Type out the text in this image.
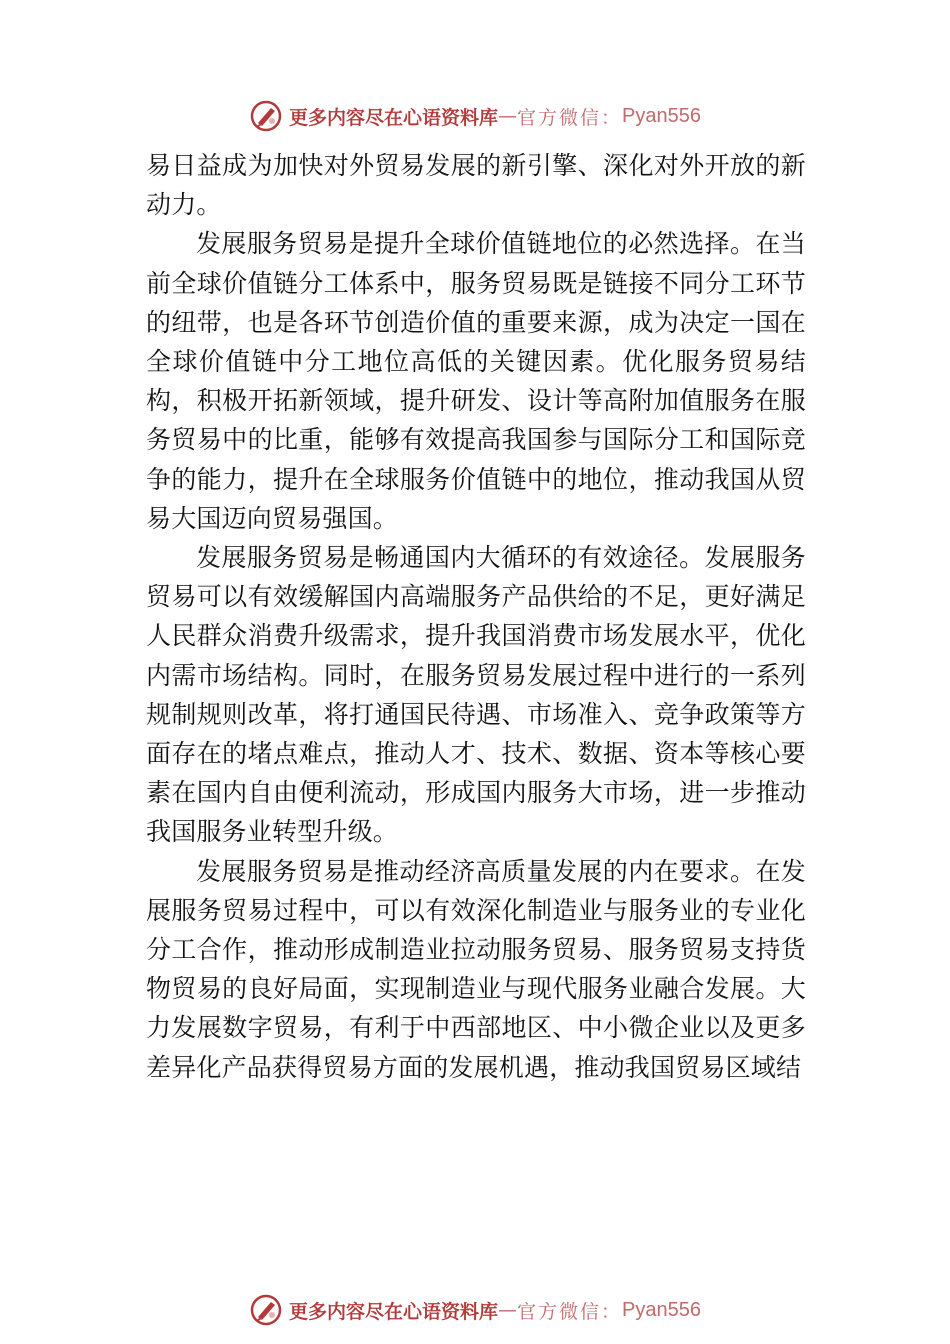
更多内容尽在心语资料库 — 官方微信： Pyan556

易日益成为加快对外贸易发展的新引擎、深化对外开放的新动力。

发展服务贸易是提升全球价值链地位的必然选择。在当前全球价值链分工体系中，服务贸易既是链接不同分工环节的纽带，也是各环节创造价值的重要来源，成为决定一国在全球价值链中分工地位高低的关键因素。优化服务贸易结构，积极开拓新领域，提升研发、设计等高附加值服务在服务贸易中的比重，能够有效提高我国参与国际分工和国际竞争的能力，提升在全球服务价值链中的地位，推动我国从贸易大国迈向贸易强国。

发展服务贸易是畅通国内大循环的有效途径。发展服务贸易可以有效缓解国内高端服务产品供给的不足，更好满足人民群众消费升级需求，提升我国消费市场发展水平，优化内需市场结构。同时，在服务贸易发展过程中进行的一系列规制规则改革，将打通国民待遇、市场准入、竞争政策等方面存在的堵点难点，推动人才、技术、数据、资本等核心要素在国内自由便利流动，形成国内服务大市场，进一步推动我国服务业转型升级。

发展服务贸易是推动经济高质量发展的内在要求。在发展服务贸易过程中，可以有效深化制造业与服务业的专业化分工合作，推动形成制造业拉动服务贸易、服务贸易支持货物贸易的良好局面，实现制造业与现代服务业融合发展。大力发展数字贸易，有利于中西部地区、中小微企业以及更多差异化产品获得贸易方面的发展机遇，推动我国贸易区域结

更多内容尽在心语资料库 — 官方微信： Pyan556
